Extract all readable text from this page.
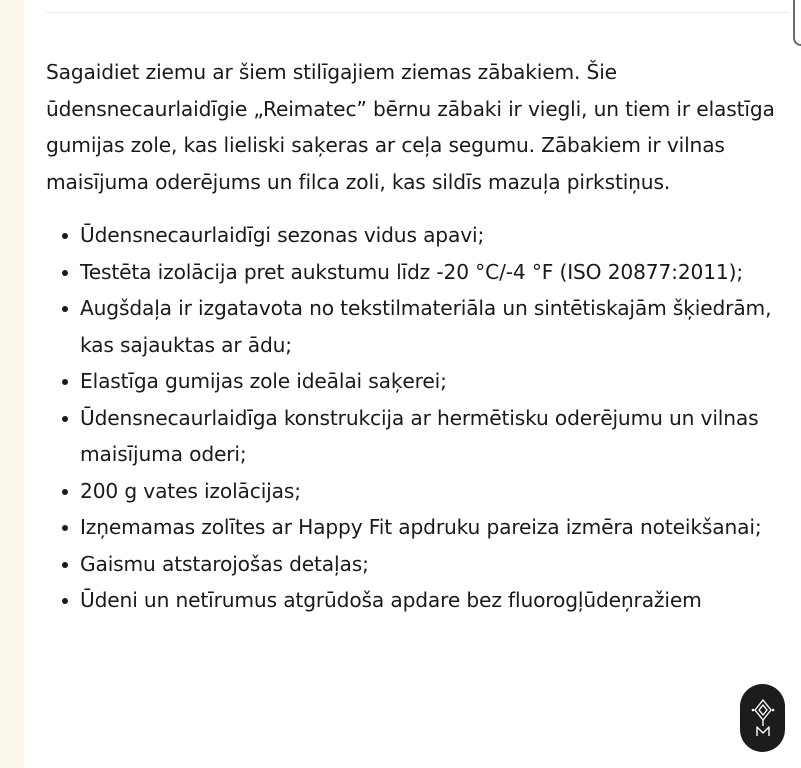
Sagaidiet ziemu ar šiem stilīgajiem ziemas zābakiem. Šie ūdensnecaurlaidīgie „Reimatec” bērnu zābaki ir viegli, un tiem ir elastīga gumijas zole, kas lieliski saķeras ar ceļa segumu. Zābakiem ir vilnas maisījuma oderējums un filca zoli, kas sildīs mazuļa pirkstiņus.

Ūdensnecaurlaidīgi sezonas vidus apavi;
Testēta izolācija pret aukstumu līdz -20 °C/-4 °F (ISO 20877:2011);
Augšdaļa ir izgatavota no tekstilmateriāla un sintētiskajām šķiedrām, kas sajauktas ar ādu;
Elastīga gumijas zole ideālai saķerei;
Ūdensnecaurlaidīga konstrukcija ar hermētisku oderējumu un vilnas maisījuma oderi;
200 g vates izolācijas;
Izņemamas zolītes ar Happy Fit apdruku pareiza izmēra noteikšanai;
Gaismu atstarojošas detaļas;
Ūdeni un netīrumus atgrūdoša apdare bez fluorogļūdeņražiem
